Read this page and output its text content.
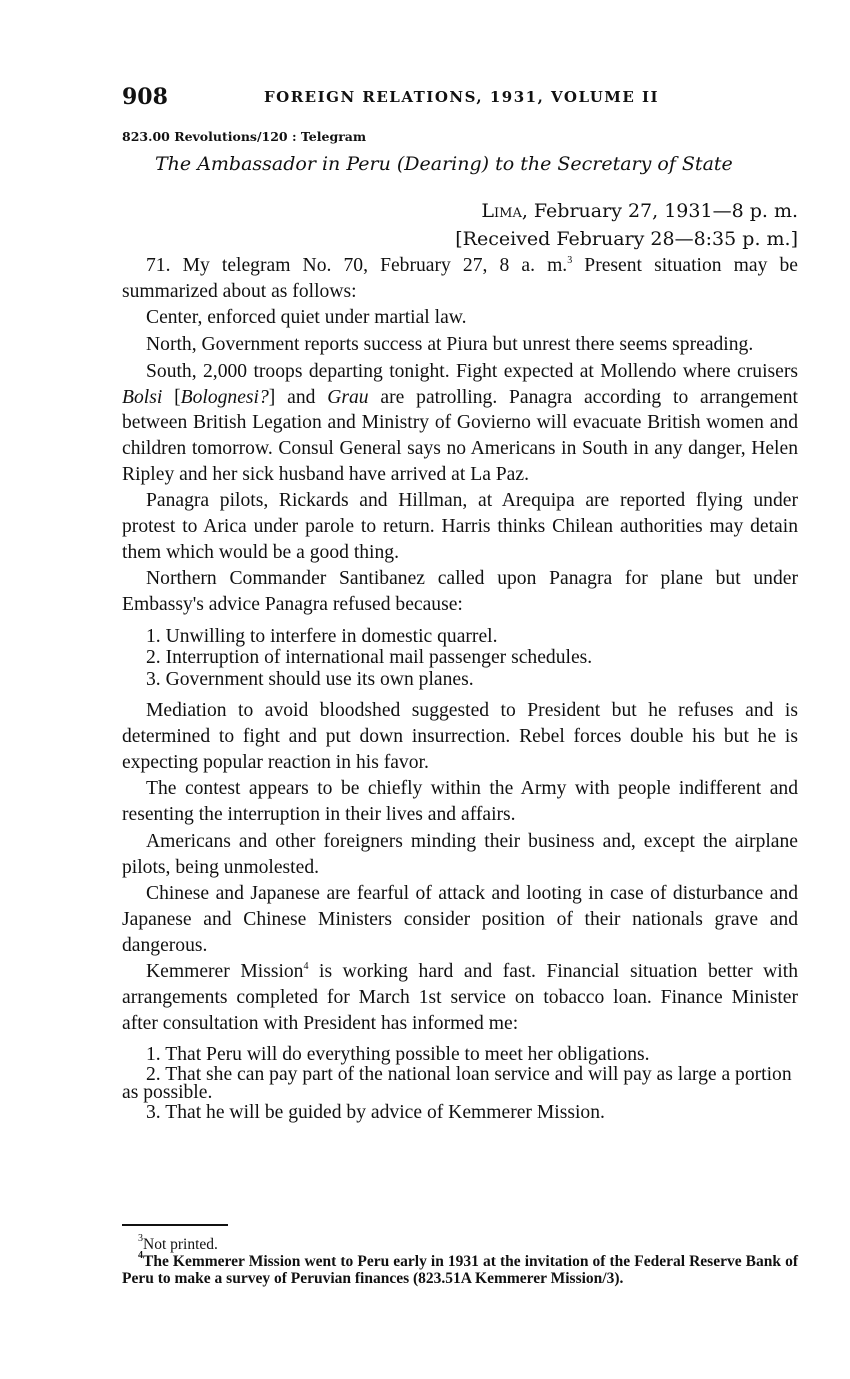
908	FOREIGN RELATIONS, 1931, VOLUME II
823.00 Revolutions/120 : Telegram
The Ambassador in Peru (Dearing) to the Secretary of State
Lima, February 27, 1931—8 p. m.
[Received February 28—8:35 p. m.]

71. My telegram No. 70, February 27, 8 a. m.$^3$ Present situation may be summarized about as follows:

Center, enforced quiet under martial law.

North, Government reports success at Piura but unrest there seems spreading.

South, 2,000 troops departing tonight. Fight expected at Mollendo where cruisers Bolsi [Bolognesi?] and Grau are patrolling. Panagra according to arrangement between British Legation and Ministry of Govierno will evacuate British women and children tomorrow. Consul General says no Americans in South in any danger, Helen Ripley and her sick husband have arrived at La Paz.

Panagra pilots, Rickards and Hillman, at Arequipa are reported flying under protest to Arica under parole to return. Harris thinks Chilean authorities may detain them which would be a good thing.

Northern Commander Santibanez called upon Panagra for plane but under Embassy's advice Panagra refused because:

1. Unwilling to interfere in domestic quarrel.
2. Interruption of international mail passenger schedules.
3. Government should use its own planes.

Mediation to avoid bloodshed suggested to President but he refuses and is determined to fight and put down insurrection. Rebel forces double his but he is expecting popular reaction in his favor.

The contest appears to be chiefly within the Army with people indifferent and resenting the interruption in their lives and affairs.

Americans and other foreigners minding their business and, except the airplane pilots, being unmolested.

Chinese and Japanese are fearful of attack and looting in case of disturbance and Japanese and Chinese Ministers consider position of their nationals grave and dangerous.

Kemmerer Mission$^4$ is working hard and fast. Financial situation better with arrangements completed for March 1st service on tobacco loan. Finance Minister after consultation with President has informed me:

1. That Peru will do everything possible to meet her obligations.
2. That she can pay part of the national loan service and will pay as large a portion as possible.
3. That he will be guided by advice of Kemmerer Mission.

$^3$Not printed.

$^4$The Kemmerer Mission went to Peru early in 1931 at the invitation of the Federal Reserve Bank of Peru to make a survey of Peruvian finances (823.51A Kemmerer Mission/3).
